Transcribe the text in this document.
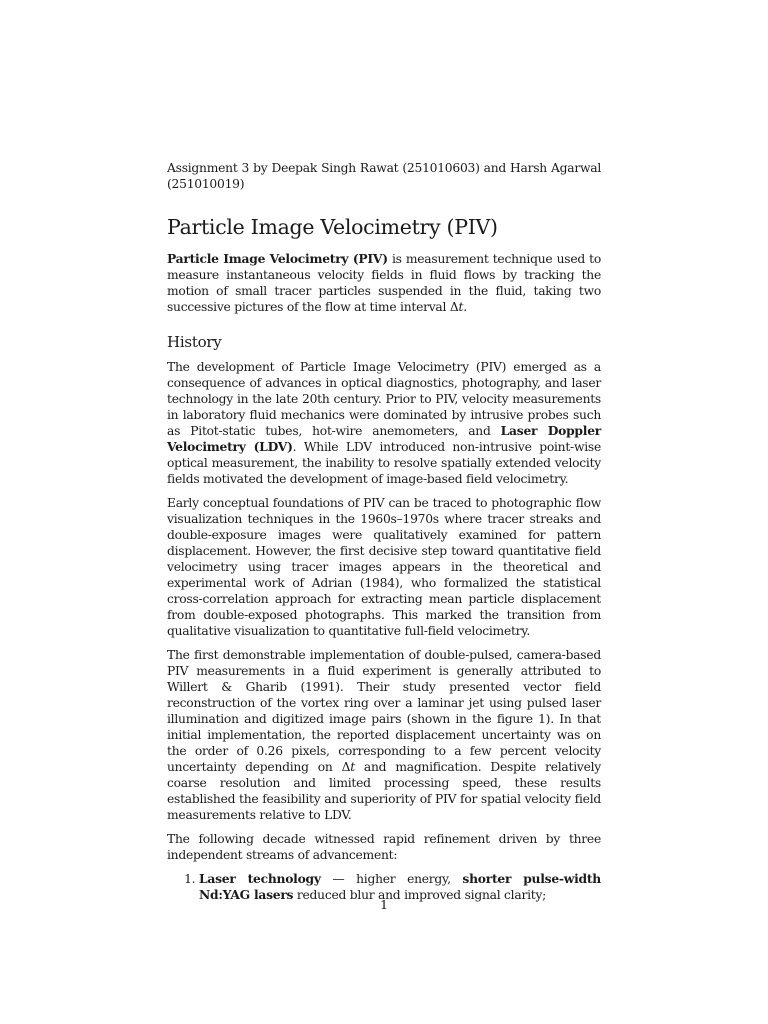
Assignment 3 by Deepak Singh Rawat (251010603) and Harsh Agarwal (251010019)

Particle Image Velocimetry (PIV)

Particle Image Velocimetry (PIV) is measurement technique used to measure instantaneous velocity fields in fluid flows by tracking the motion of small tracer particles suspended in the fluid, taking two successive pictures of the flow at time interval Δt.

History

The development of Particle Image Velocimetry (PIV) emerged as a consequence of advances in optical diagnostics, photography, and laser technology in the late 20th century. Prior to PIV, velocity measurements in laboratory fluid mechanics were dominated by intrusive probes such as Pitot-static tubes, hot-wire anemometers, and Laser Doppler Velocimetry (LDV). While LDV introduced non-intrusive point-wise optical measurement, the inability to resolve spatially extended velocity fields motivated the development of image-based field velocimetry.

Early conceptual foundations of PIV can be traced to photographic flow visualization techniques in the 1960s–1970s where tracer streaks and double-exposure images were qualitatively examined for pattern displacement. However, the first decisive step toward quantitative field velocimetry using tracer images appears in the theoretical and experimental work of Adrian (1984), who formalized the statistical cross-correlation approach for extracting mean particle displacement from double-exposed photographs. This marked the transition from qualitative visualization to quantitative full-field velocimetry.

The first demonstrable implementation of double-pulsed, camera-based PIV measurements in a fluid experiment is generally attributed to Willert & Gharib (1991). Their study presented vector field reconstruction of the vortex ring over a laminar jet using pulsed laser illumination and digitized image pairs (shown in the figure 1). In that initial implementation, the reported displacement uncertainty was on the order of 0.26 pixels, corresponding to a few percent velocity uncertainty depending on Δt and magnification. Despite relatively coarse resolution and limited processing speed, these results established the feasibility and superiority of PIV for spatial velocity field measurements relative to LDV.

The following decade witnessed rapid refinement driven by three independent streams of advancement:

1. Laser technology — higher energy, shorter pulse-width Nd:YAG lasers reduced blur and improved signal clarity;
1
